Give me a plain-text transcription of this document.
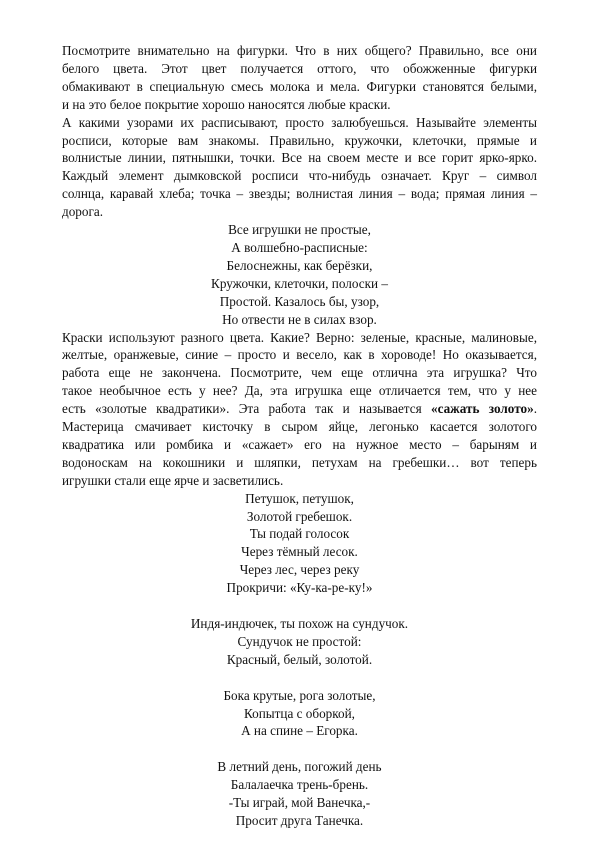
Посмотрите внимательно на фигурки. Что в них общего? Правильно, все они
белого цвета. Этот цвет получается оттого, что обожженные фигурки
обмакивают в специальную смесь молока и мела. Фигурки становятся белыми,
и на это белое покрытие хорошо наносятся любые краски.

А какими узорами их расписывают, просто залюбуешься. Называйте элементы
росписи, которые вам знакомы. Правильно, кружочки, клеточки, прямые и
волнистые линии, пятнышки, точки. Все на своем месте и все горит ярко-ярко.
Каждый элемент дымковской росписи что-нибудь означает. Круг – символ
солнца, каравай хлеба; точка – звезды; волнистая линия – вода; прямая линия –
дорога.

Все игрушки не простые,
А волшебно-расписные:
Белоснежны, как берёзки,
Кружочки, клеточки, полоски –
Простой. Казалось бы, узор,
Но отвести не в силах взор.

Краски используют разного цвета. Какие? Верно: зеленые, красные, малиновые,
желтые, оранжевые, синие – просто и весело, как в хороводе! Но оказывается,
работа еще не закончена. Посмотрите, чем еще отлична эта игрушка? Что
такое необычное есть у нее? Да, эта игрушка еще отличается тем, что у нее
есть «золотые квадратики». Эта работа так и называется «сажать золото».
Мастерица смачивает кисточку в сыром яйце, легонько касается золотого
квадратика или ромбика и «сажает» его на нужное место – барыням и
водоноскам на кокошники и шляпки, петухам на гребешки… вот теперь
игрушки стали еще ярче и засветились.

Петушок, петушок,
Золотой гребешок.
Ты подай голосок
Через тёмный лесок.
Через лес, через реку
Прокричи: «Ку-ка-ре-ку!»
Индя-индючек, ты похож на сундучок.
Сундучок не простой:
Красный, белый, золотой.
Бока крутые, рога золотые,
Копытца с оборкой,
А на спине – Егорка.
В летний день, погожий день
Балалаечка трень-брень.
-Ты играй, мой Ванечка,-
Просит друга Танечка.
